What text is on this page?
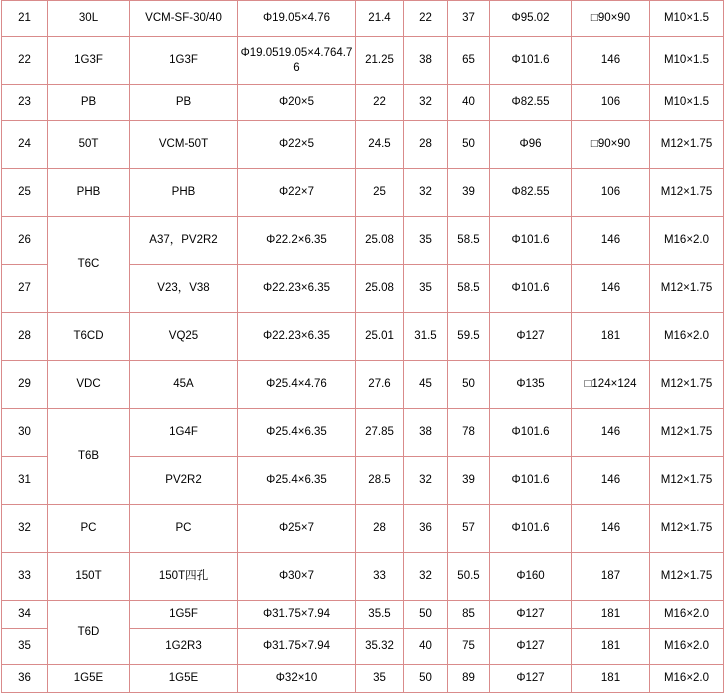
21	30L	VCM-SF-30/40	Φ19.05×4.76	21.4	22	37	Φ95.02	□90×90	M10×1.5
22	1G3F	1G3F	Φ19.0519.05×4.764.76	21.25	38	65	Φ101.6	146	M10×1.5
23	PB	PB	Φ20×5	22	32	40	Φ82.55	106	M10×1.5
24	50T	VCM-50T	Φ22×5	24.5	28	50	Φ96	□90×90	M12×1.75
25	PHB	PHB	Φ22×7	25	32	39	Φ82.55	106	M12×1.75
26	T6C	A37，PV2R2	Φ22.2×6.35	25.08	35	58.5	Φ101.6	146	M16×2.0
27		V23，V38	Φ22.23×6.35	25.08	35	58.5	Φ101.6	146	M12×1.75
28	T6CD	VQ25	Φ22.23×6.35	25.01	31.5	59.5	Φ127	181	M16×2.0
29	VDC	45A	Φ25.4×4.76	27.6	45	50	Φ135	□124×124	M12×1.75
30	T6B	1G4F	Φ25.4×6.35	27.85	38	78	Φ101.6	146	M12×1.75
31		PV2R2	Φ25.4×6.35	28.5	32	39	Φ101.6	146	M12×1.75
32	PC	PC	Φ25×7	28	36	57	Φ101.6	146	M12×1.75
33	150T	150T四孔	Φ30×7	33	32	50.5	Φ160	187	M12×1.75
34	T6D	1G5F	Φ31.75×7.94	35.5	50	85	Φ127	181	M16×2.0
35		1G2R3	Φ31.75×7.94	35.32	40	75	Φ127	181	M16×2.0
36	1G5E	1G5E	Φ32×10	35	50	89	Φ127	181	M16×2.0
